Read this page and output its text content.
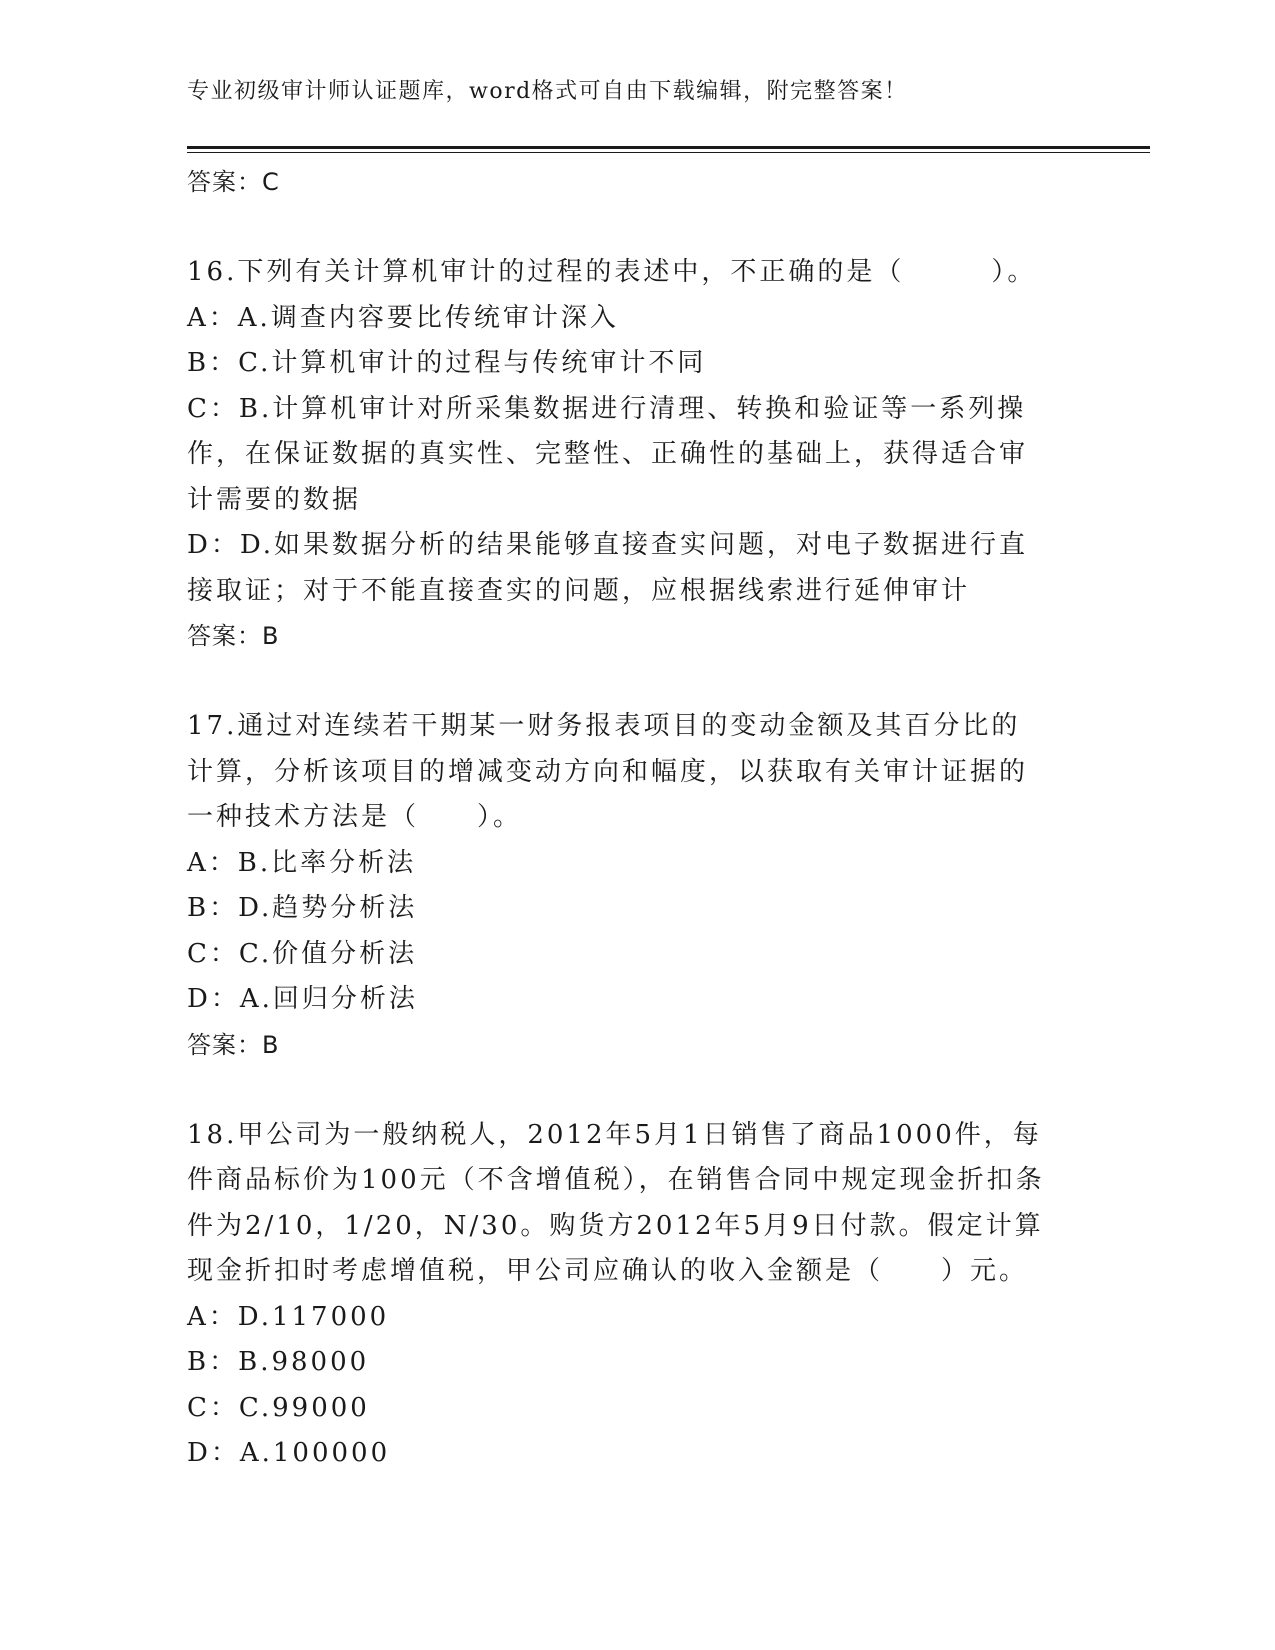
专业初级审计师认证题库，word格式可自由下载编辑，附完整答案！
答案：C
16.下列有关计算机审计的过程的表述中，不正确的是（　　　）。
A：A.调查内容要比传统审计深入
B：C.计算机审计的过程与传统审计不同
C：B.计算机审计对所采集数据进行清理、转换和验证等一系列操作，在保证数据的真实性、完整性、正确性的基础上，获得适合审计需要的数据
D：D.如果数据分析的结果能够直接查实问题，对电子数据进行直接取证；对于不能直接查实的问题，应根据线索进行延伸审计
答案：B
17.通过对连续若干期某一财务报表项目的变动金额及其百分比的计算，分析该项目的增减变动方向和幅度，以获取有关审计证据的一种技术方法是（　　）。
A：B.比率分析法
B：D.趋势分析法
C：C.价值分析法
D：A.回归分析法
答案：B
18.甲公司为一般纳税人，2012年5月1日销售了商品1000件，每件商品标价为100元（不含增值税），在销售合同中规定现金折扣条件为2/10，1/20，N/30。购货方2012年5月9日付款。假定计算现金折扣时考虑增值税，甲公司应确认的收入金额是（　　）元。
A：D.117000
B：B.98000
C：C.99000
D：A.100000
